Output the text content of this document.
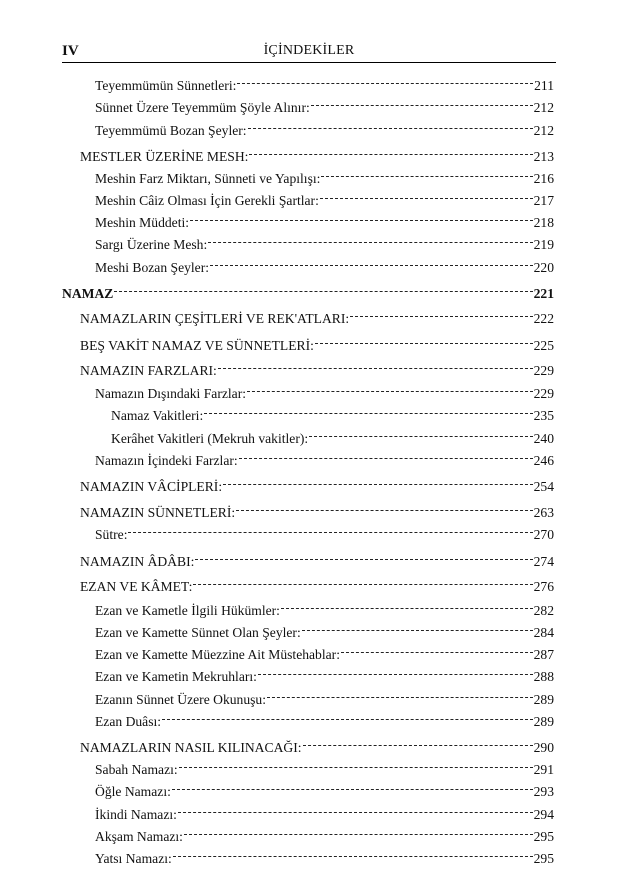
IV	İÇİNDEKİLER
Teyemmümün Sünnetleri:	211
Sünnet Üzere Teyemmüm Şöyle Alınır:	212
Teyemmümü Bozan Şeyler:	212
MESTLER ÜZERİNE MESH:	213
Meshin Farz Miktarı, Sünneti ve Yapılışı:	216
Meshin Câiz Olması İçin Gerekli Şartlar:	217
Meshin Müddeti:	218
Sargı Üzerine Mesh:	219
Meshi Bozan Şeyler:	220
NAMAZ	221
NAMAZLARIN ÇEŞİTLERİ VE REK'ATLARI:	222
BEŞ VAKİT NAMAZ VE SÜNNETLERİ:	225
NAMAZIN FARZLARI:	229
Namazın Dışındaki Farzlar:	229
Namaz Vakitleri:	235
Kerâhet Vakitleri (Mekruh vakitler):	240
Namazın İçindeki Farzlar:	246
NAMAZIN VÂCİPLERİ:	254
NAMAZIN SÜNNETLERİ:	263
Sütre:	270
NAMAZIN ÂDÂBI:	274
EZAN VE KÂMET:	276
Ezan ve Kametle İlgili Hükümler:	282
Ezan ve Kamette Sünnet Olan Şeyler:	284
Ezan ve Kamette Müezzine Ait Müstehablar:	287
Ezan ve Kametin Mekruhları:	288
Ezanın Sünnet Üzere Okunuşu:	289
Ezan Duâsı:	289
NAMAZLARIN NASIL KILINACAĞI:	290
Sabah Namazı:	291
Öğle Namazı:	293
İkindi Namazı:	294
Akşam Namazı:	295
Yatsı Namazı:	295
